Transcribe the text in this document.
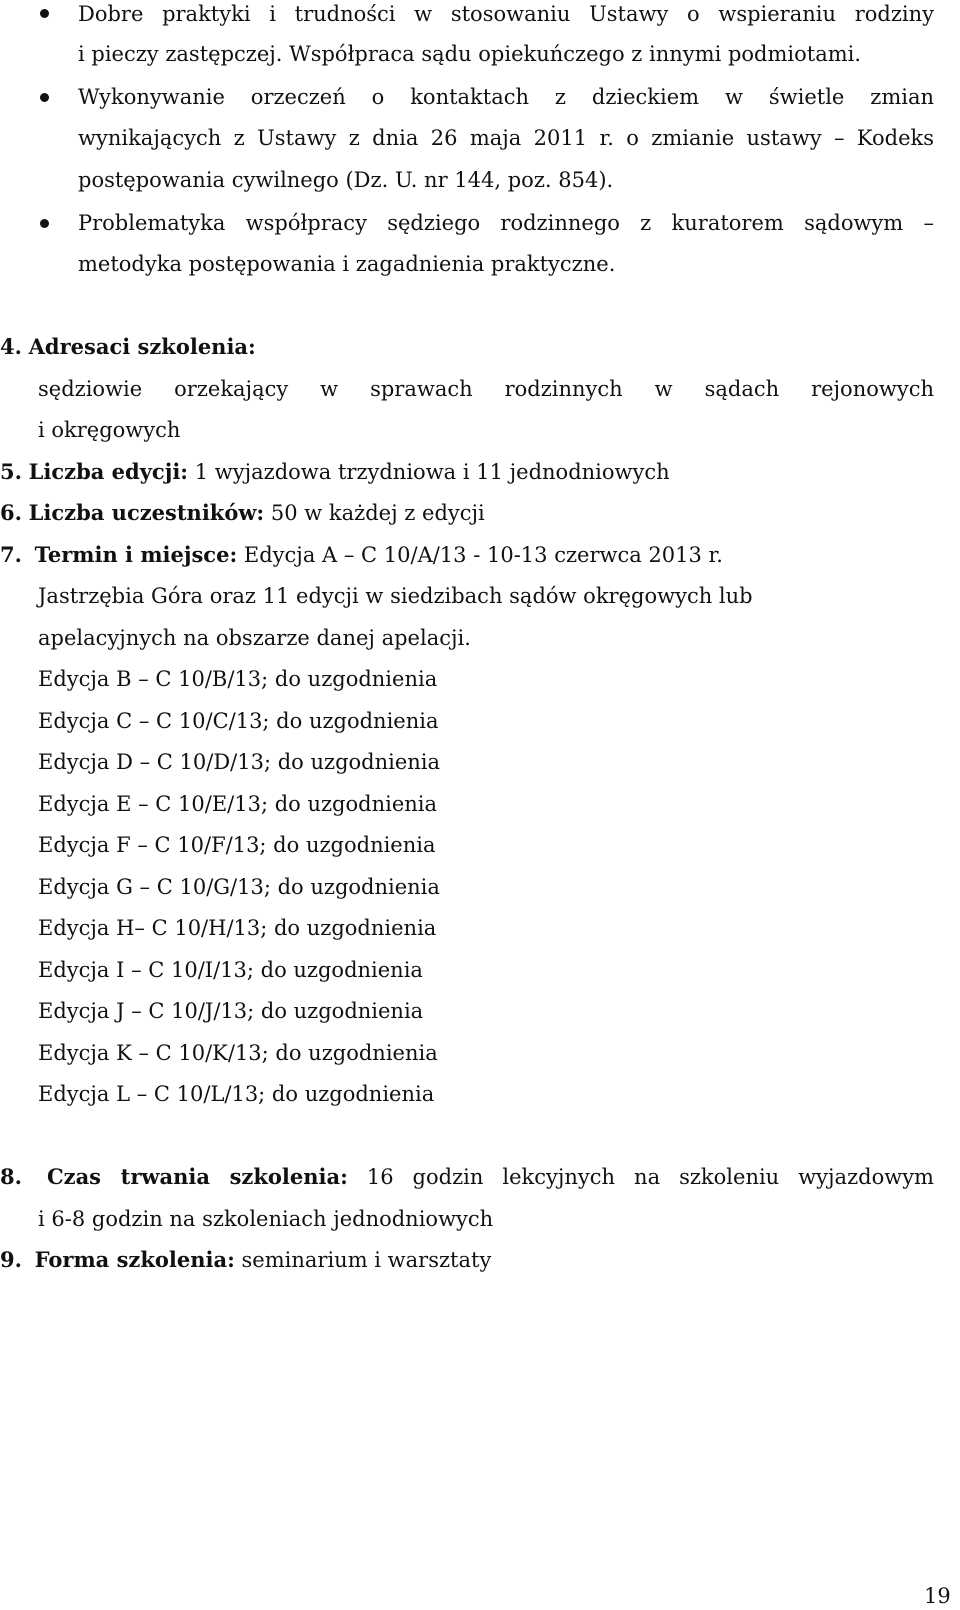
Dobre praktyki i trudności w stosowaniu Ustawy o wspieraniu rodziny
i pieczy zastępczej. Współpraca sądu opiekuńczego z innymi podmiotami.
Wykonywanie orzeczeń o kontaktach z dzieckiem w świetle zmian
wynikających z Ustawy z dnia 26 maja 2011 r. o zmianie ustawy – Kodeks
postępowania cywilnego (Dz. U. nr 144, poz. 854).
Problematyka współpracy sędziego rodzinnego z kuratorem sądowym –
metodyka postępowania i zagadnienia praktyczne.
4. Adresaci szkolenia:
sędziowie orzekający w sprawach rodzinnych w sądach rejonowych
i okręgowych
5. Liczba edycji: 1 wyjazdowa trzydniowa i 11 jednodniowych
6. Liczba uczestników: 50 w każdej z edycji
7. Termin i miejsce: Edycja A – C 10/A/13 - 10-13 czerwca 2013 r.
Jastrzębia Góra oraz 11 edycji w siedzibach sądów okręgowych lub
apelacyjnych na obszarze danej apelacji.
Edycja B – C 10/B/13; do uzgodnienia
Edycja C – C 10/C/13; do uzgodnienia
Edycja D – C 10/D/13; do uzgodnienia
Edycja E – C 10/E/13; do uzgodnienia
Edycja F – C 10/F/13; do uzgodnienia
Edycja G – C 10/G/13; do uzgodnienia
Edycja H– C 10/H/13; do uzgodnienia
Edycja I – C 10/I/13; do uzgodnienia
Edycja J – C 10/J/13; do uzgodnienia
Edycja K – C 10/K/13; do uzgodnienia
Edycja L – C 10/L/13; do uzgodnienia
8. Czas trwania szkolenia: 16 godzin lekcyjnych na szkoleniu wyjazdowym
i 6-8 godzin na szkoleniach jednodniowych
9. Forma szkolenia: seminarium i warsztaty
19
